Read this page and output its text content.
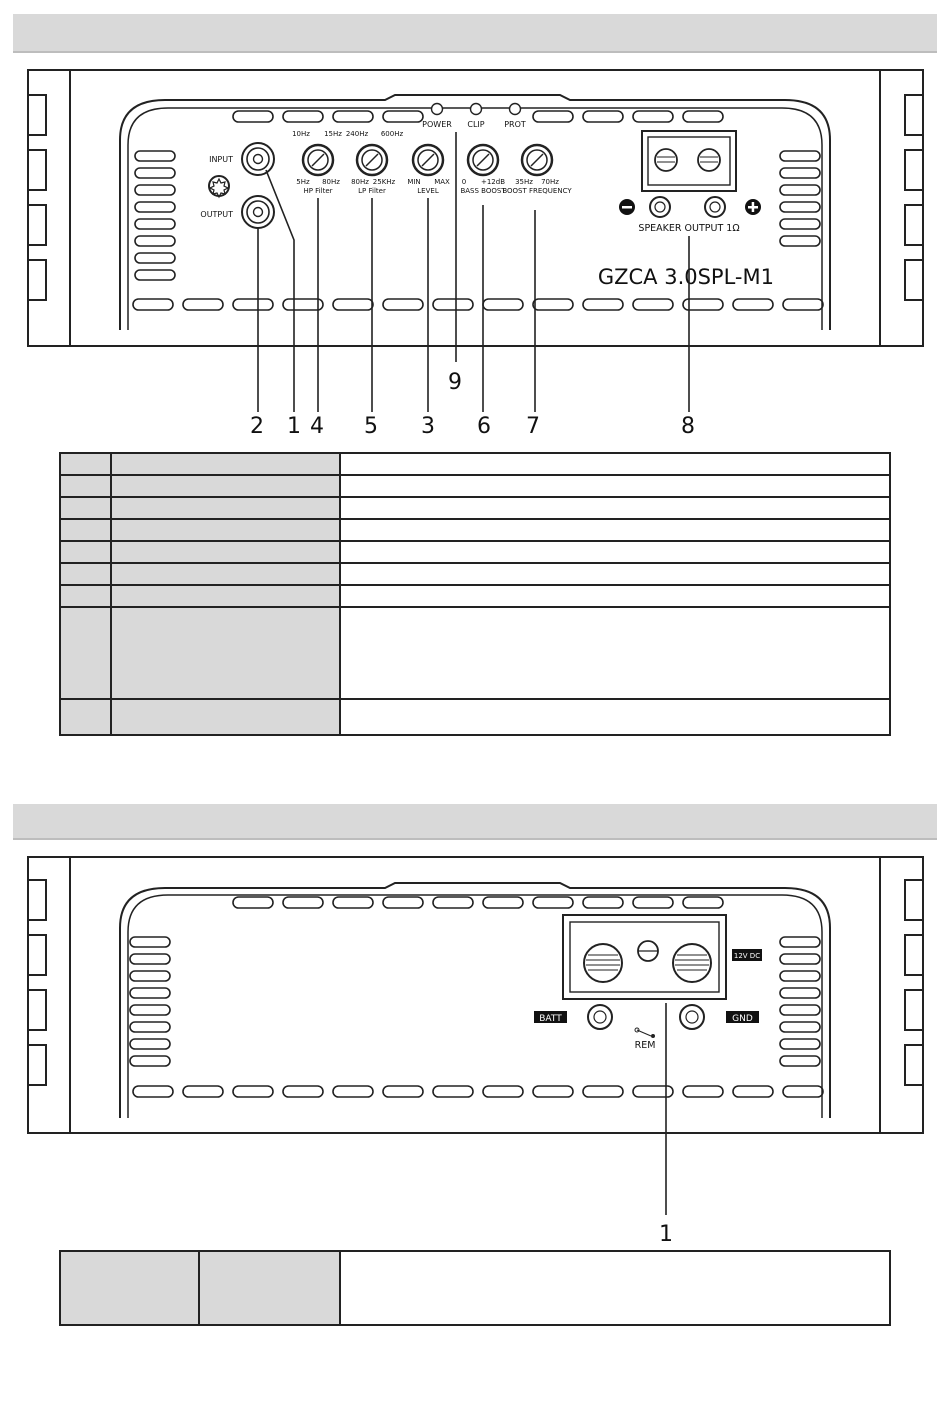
POWER CLIP PROT
INPUT
OUTPUT
10Hz 15Hz
5Hz 80Hz
HP Filter
240Hz 600Hz
80Hz 25KHz
LP Filter
MIN MAX
LEVEL
0 +12dB
BASS BOOST
35Hz 70Hz
BOOST FREQUENCY
SPEAKER OUTPUT 1Ω
GZCA 3.0SPL-M1
2 1 4 5 3 6 7	8
9

BATT	GND
12V DC
REM
1
